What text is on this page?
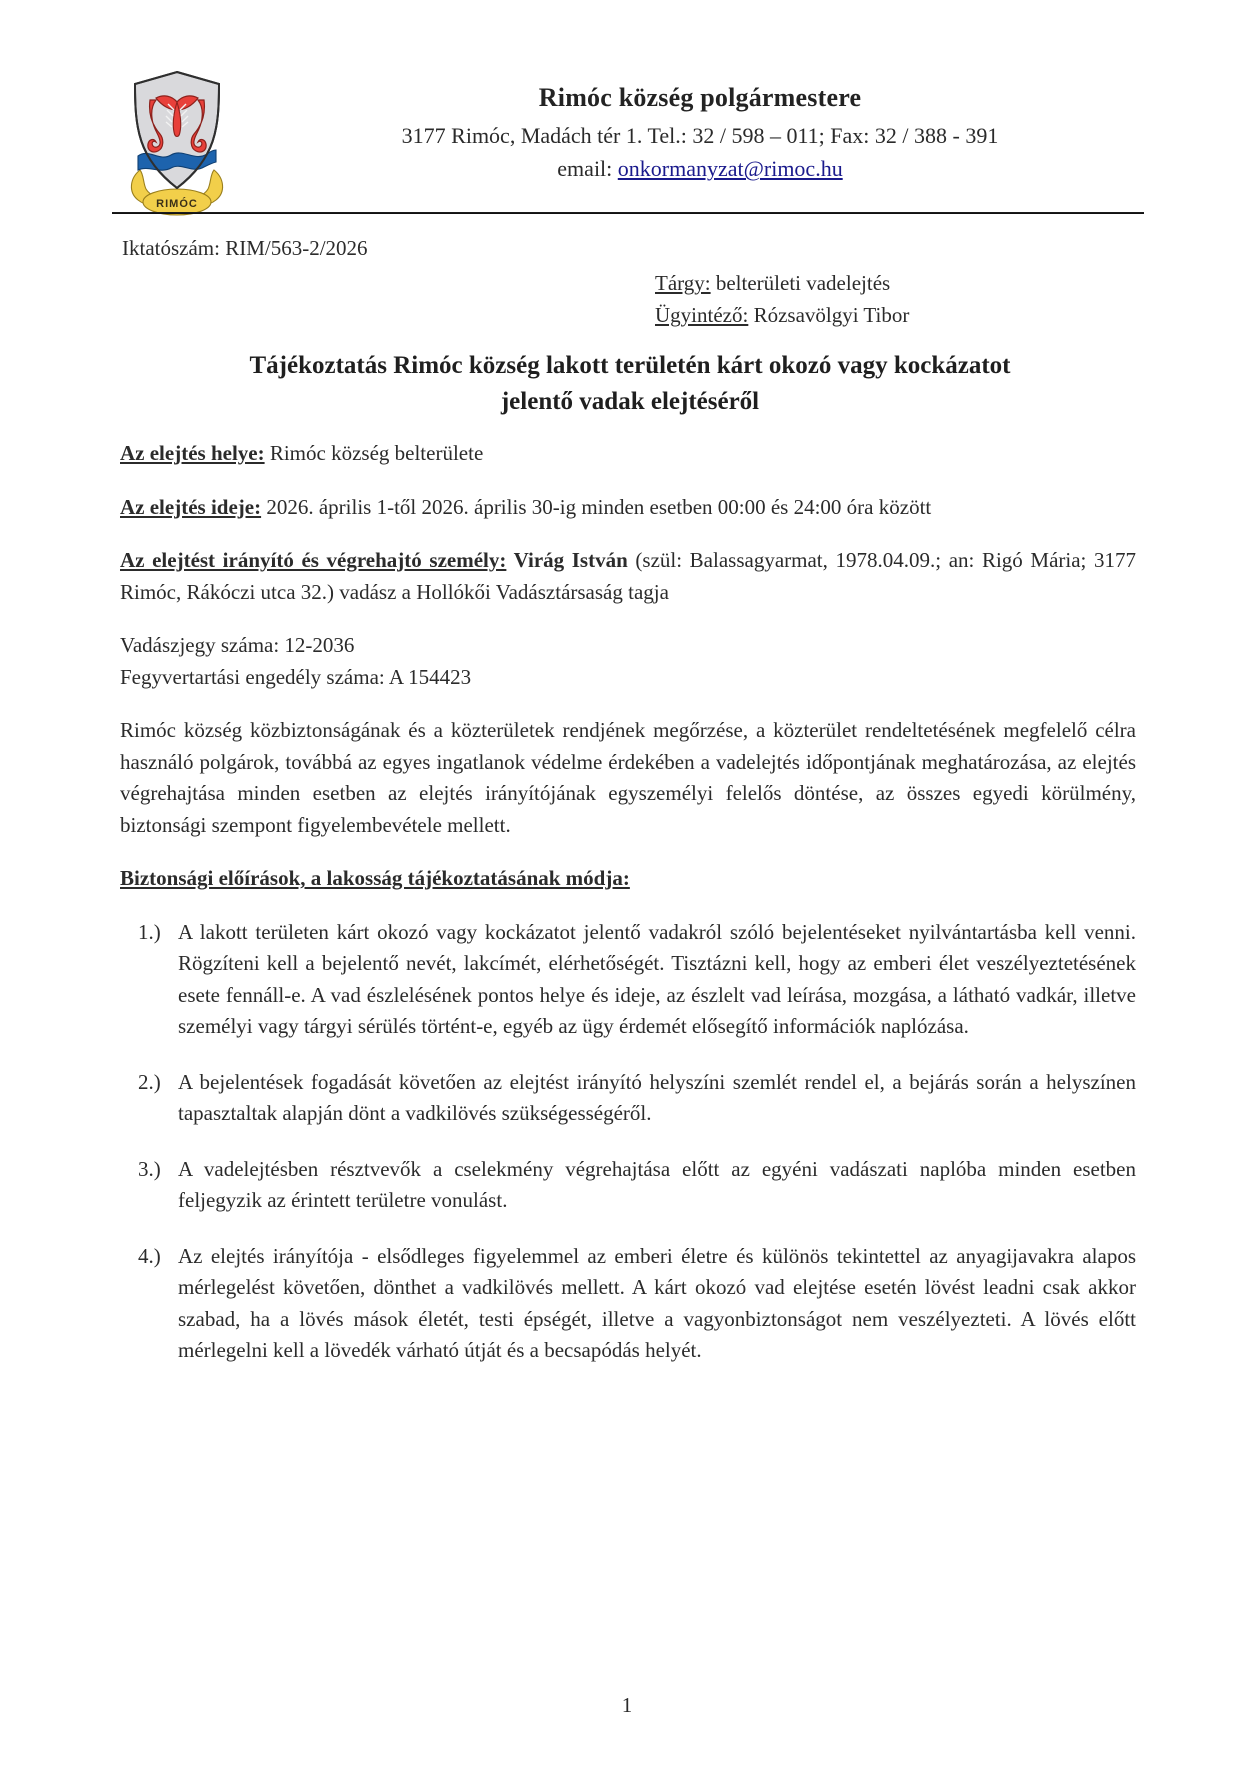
RIMÓC
Rimóc község polgármestere
3177 Rimóc, Madách tér 1. Tel.: 32 / 598 – 011; Fax: 32 / 388 - 391
email: onkormanyzat@rimoc.hu
Iktatószám: RIM/563-2/2026
Tárgy: belterületi vadelejtés
Ügyintéző: Rózsavölgyi Tibor
Tájékoztatás Rimóc község lakott területén kárt okozó vagy kockázatot
jelentő vadak elejtéséről

Az elejtés helye: Rimóc község belterülete

Az elejtés ideje: 2026. április 1-től 2026. április 30-ig minden esetben 00:00 és 24:00 óra között

Az elejtést irányító és végrehajtó személy: Virág István (szül: Balassagyarmat, 1978.04.09.; an: Rigó Mária; 3177 Rimóc, Rákóczi utca 32.) vadász a Hollókői Vadásztársaság tagja

Vadászjegy száma: 12-2036

Fegyvertartási engedély száma: A 154423

Rimóc község közbiztonságának és a közterületek rendjének megőrzése, a közterület rendeltetésének megfelelő célra használó polgárok, továbbá az egyes ingatlanok védelme érdekében a vadelejtés időpontjának meghatározása, az elejtés végrehajtása minden esetben az elejtés irányítójának egyszemélyi felelős döntése, az összes egyedi körülmény, biztonsági szempont figyelembevétele mellett.

Biztonsági előírások, a lakosság tájékoztatásának módja:

1.) A lakott területen kárt okozó vagy kockázatot jelentő vadakról szóló bejelentéseket nyilvántartásba kell venni. Rögzíteni kell a bejelentő nevét, lakcímét, elérhetőségét. Tisztázni kell, hogy az emberi élet veszélyeztetésének esete fennáll-e. A vad észlelésének pontos helye és ideje, az észlelt vad leírása, mozgása, a látható vadkár, illetve személyi vagy tárgyi sérülés történt-e, egyéb az ügy érdemét elősegítő információk naplózása.

2.) A bejelentések fogadását követően az elejtést irányító helyszíni szemlét rendel el, a bejárás során a helyszínen tapasztaltak alapján dönt a vadkilövés szükségességéről.

3.) A vadelejtésben résztvevők a cselekmény végrehajtása előtt az egyéni vadászati naplóba minden esetben feljegyzik az érintett területre vonulást.

4.) Az elejtés irányítója - elsődleges figyelemmel az emberi életre és különös tekintettel az anyagijavakra alapos mérlegelést követően, dönthet a vadkilövés mellett. A kárt okozó vad elejtése esetén lövést leadni csak akkor szabad, ha a lövés mások életét, testi épségét, illetve a vagyonbiztonságot nem veszélyezteti. A lövés előtt mérlegelni kell a lövedék várható útját és a becsapódás helyét.

1
